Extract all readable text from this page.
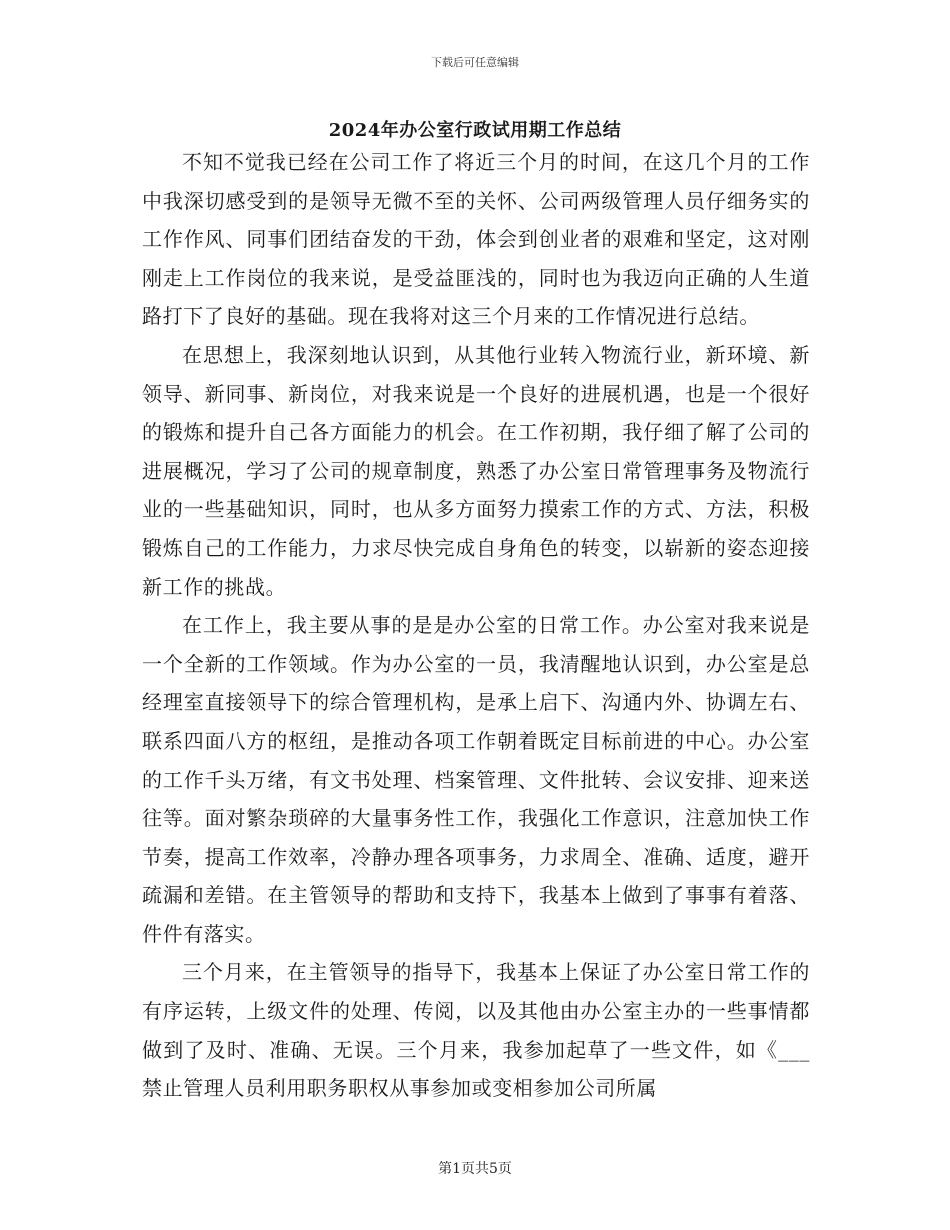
下载后可任意编辑
2024年办公室行政试用期工作总结

不知不觉我已经在公司工作了将近三个月的时间，在这几个月的工作中我深切感受到的是领导无微不至的关怀、公司两级管理人员仔细务实的工作作风、同事们团结奋发的干劲，体会到创业者的艰难和坚定，这对刚刚走上工作岗位的我来说，是受益匪浅的，同时也为我迈向正确的人生道路打下了良好的基础。现在我将对这三个月来的工作情况进行总结。

在思想上，我深刻地认识到，从其他行业转入物流行业，新环境、新领导、新同事、新岗位，对我来说是一个良好的进展机遇，也是一个很好的锻炼和提升自己各方面能力的机会。在工作初期，我仔细了解了公司的进展概况，学习了公司的规章制度，熟悉了办公室日常管理事务及物流行业的一些基础知识，同时，也从多方面努力摸索工作的方式、方法，积极锻炼自己的工作能力，力求尽快完成自身角色的转变，以崭新的姿态迎接新工作的挑战。

在工作上，我主要从事的是是办公室的日常工作。办公室对我来说是一个全新的工作领域。作为办公室的一员，我清醒地认识到，办公室是总经理室直接领导下的综合管理机构，是承上启下、沟通内外、协调左右、联系四面八方的枢纽，是推动各项工作朝着既定目标前进的中心。办公室的工作千头万绪，有文书处理、档案管理、文件批转、会议安排、迎来送往等。面对繁杂琐碎的大量事务性工作，我强化工作意识，注意加快工作节奏，提高工作效率，冷静办理各项事务，力求周全、准确、适度，避开疏漏和差错。在主管领导的帮助和支持下，我基本上做到了事事有着落、件件有落实。

三个月来，在主管领导的指导下，我基本上保证了办公室日常工作的有序运转，上级文件的处理、传阅，以及其他由办公室主办的一些事情都做到了及时、准确、无误。三个月来，我参加起草了一些文件，如《___禁止管理人员利用职务职权从事参加或变相参加公司所属

第1页共5页
